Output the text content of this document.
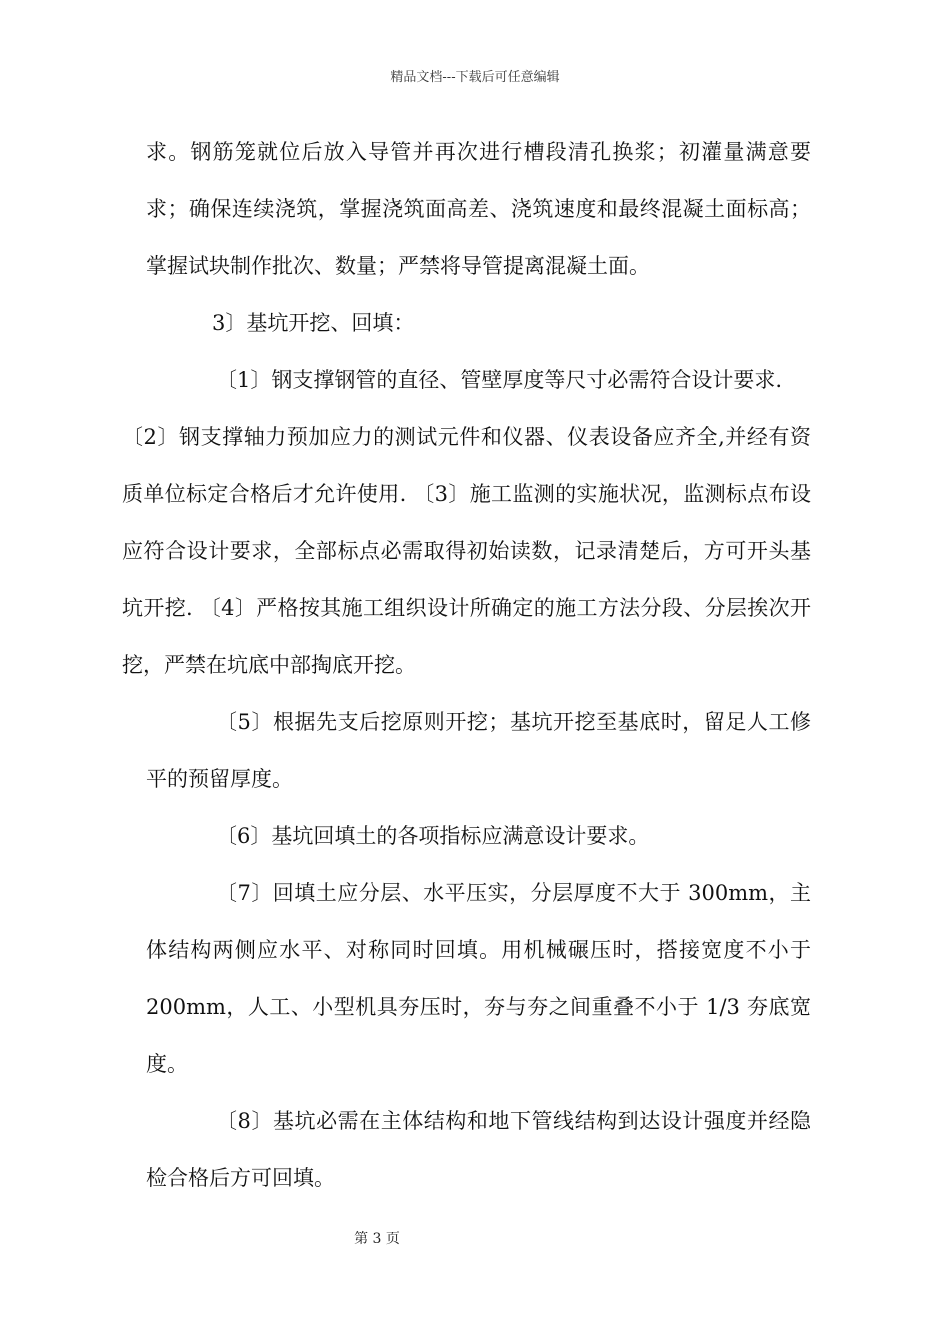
精品文档---下载后可任意编辑

求。钢筋笼就位后放入导管并再次进行槽段清孔换浆；初灌量满意要求；确保连续浇筑，掌握浇筑面高差、浇筑速度和最终混凝土面标高；掌握试块制作批次、数量；严禁将导管提离混凝土面。

3〕基坑开挖、回填：

〔1〕钢支撑钢管的直径、管壁厚度等尺寸必需符合设计要求.

〔2〕钢支撑轴力预加应力的测试元件和仪器、仪表设备应齐全,并经有资质单位标定合格后才允许使用. 〔3〕施工监测的实施状况，监测标点布设应符合设计要求，全部标点必需取得初始读数，记录清楚后，方可开头基坑开挖. 〔4〕严格按其施工组织设计所确定的施工方法分段、分层挨次开挖，严禁在坑底中部掏底开挖。

〔5〕根据先支后挖原则开挖；基坑开挖至基底时，留足人工修平的预留厚度。

〔6〕基坑回填土的各项指标应满意设计要求。

〔7〕回填土应分层、水平压实，分层厚度不大于 300mm，主体结构两侧应水平、对称同时回填。用机械碾压时，搭接宽度不小于 200mm，人工、小型机具夯压时，夯与夯之间重叠不小于 1/3 夯底宽度。

〔8〕基坑必需在主体结构和地下管线结构到达设计强度并经隐检合格后方可回填。

第 3 页
